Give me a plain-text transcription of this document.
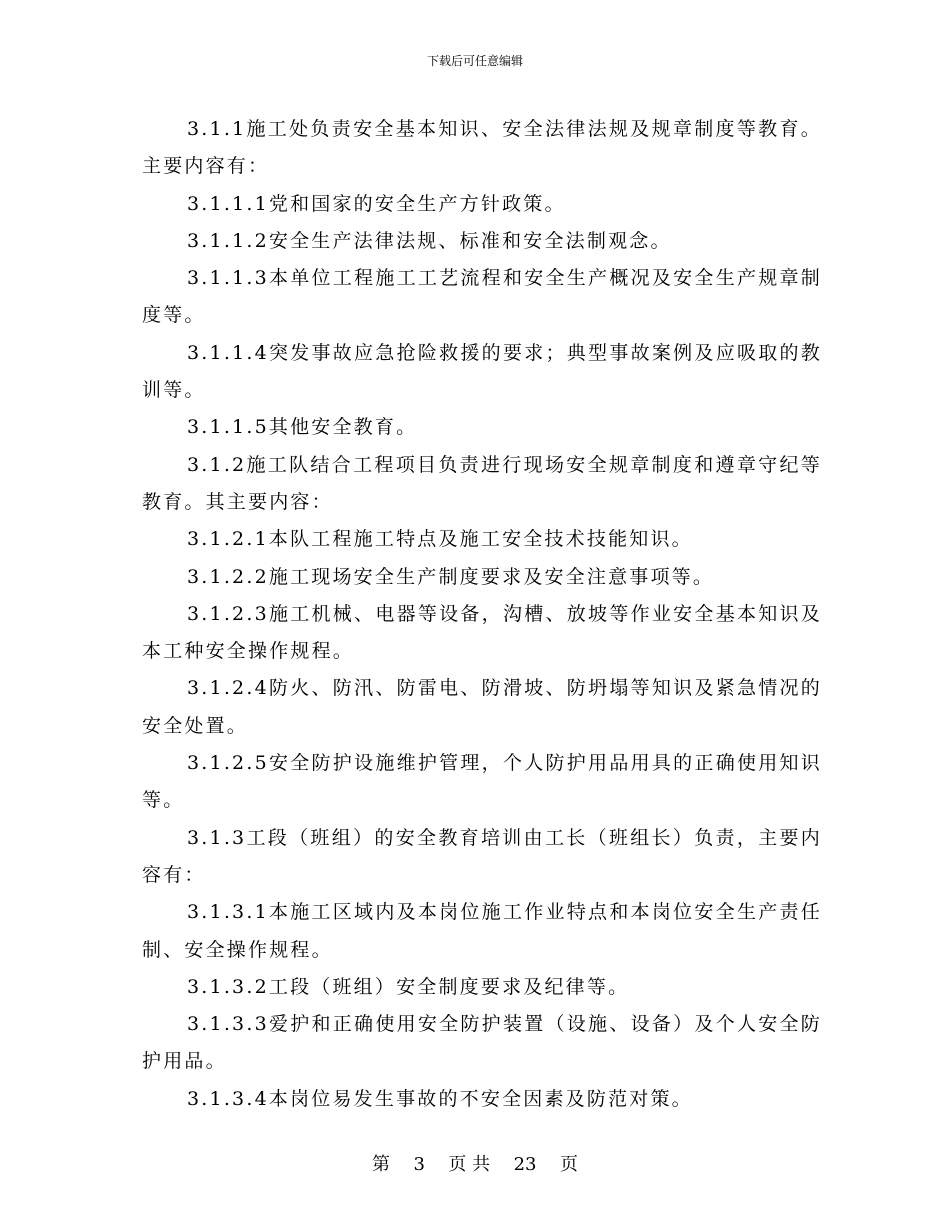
下载后可任意编辑

3.1.1施工处负责安全基本知识、安全法律法规及规章制度等教育。主要内容有：

3.1.1.1党和国家的安全生产方针政策。

3.1.1.2安全生产法律法规、标准和安全法制观念。

3.1.1.3本单位工程施工工艺流程和安全生产概况及安全生产规章制度等。

3.1.1.4突发事故应急抢险救援的要求；典型事故案例及应吸取的教训等。

3.1.1.5其他安全教育。

3.1.2施工队结合工程项目负责进行现场安全规章制度和遵章守纪等教育。其主要内容：

3.1.2.1本队工程施工特点及施工安全技术技能知识。

3.1.2.2施工现场安全生产制度要求及安全注意事项等。

3.1.2.3施工机械、电器等设备，沟槽、放坡等作业安全基本知识及本工种安全操作规程。

3.1.2.4防火、防汛、防雷电、防滑坡、防坍塌等知识及紧急情况的安全处置。

3.1.2.5安全防护设施维护管理，个人防护用品用具的正确使用知识等。

3.1.3工段（班组）的安全教育培训由工长（班组长）负责，主要内容有：

3.1.3.1本施工区域内及本岗位施工作业特点和本岗位安全生产责任制、安全操作规程。

3.1.3.2工段（班组）安全制度要求及纪律等。

3.1.3.3爱护和正确使用安全防护装置（设施、设备）及个人安全防护用品。

3.1.3.4本岗位易发生事故的不安全因素及防范对策。

第 3 页 共 23 页
